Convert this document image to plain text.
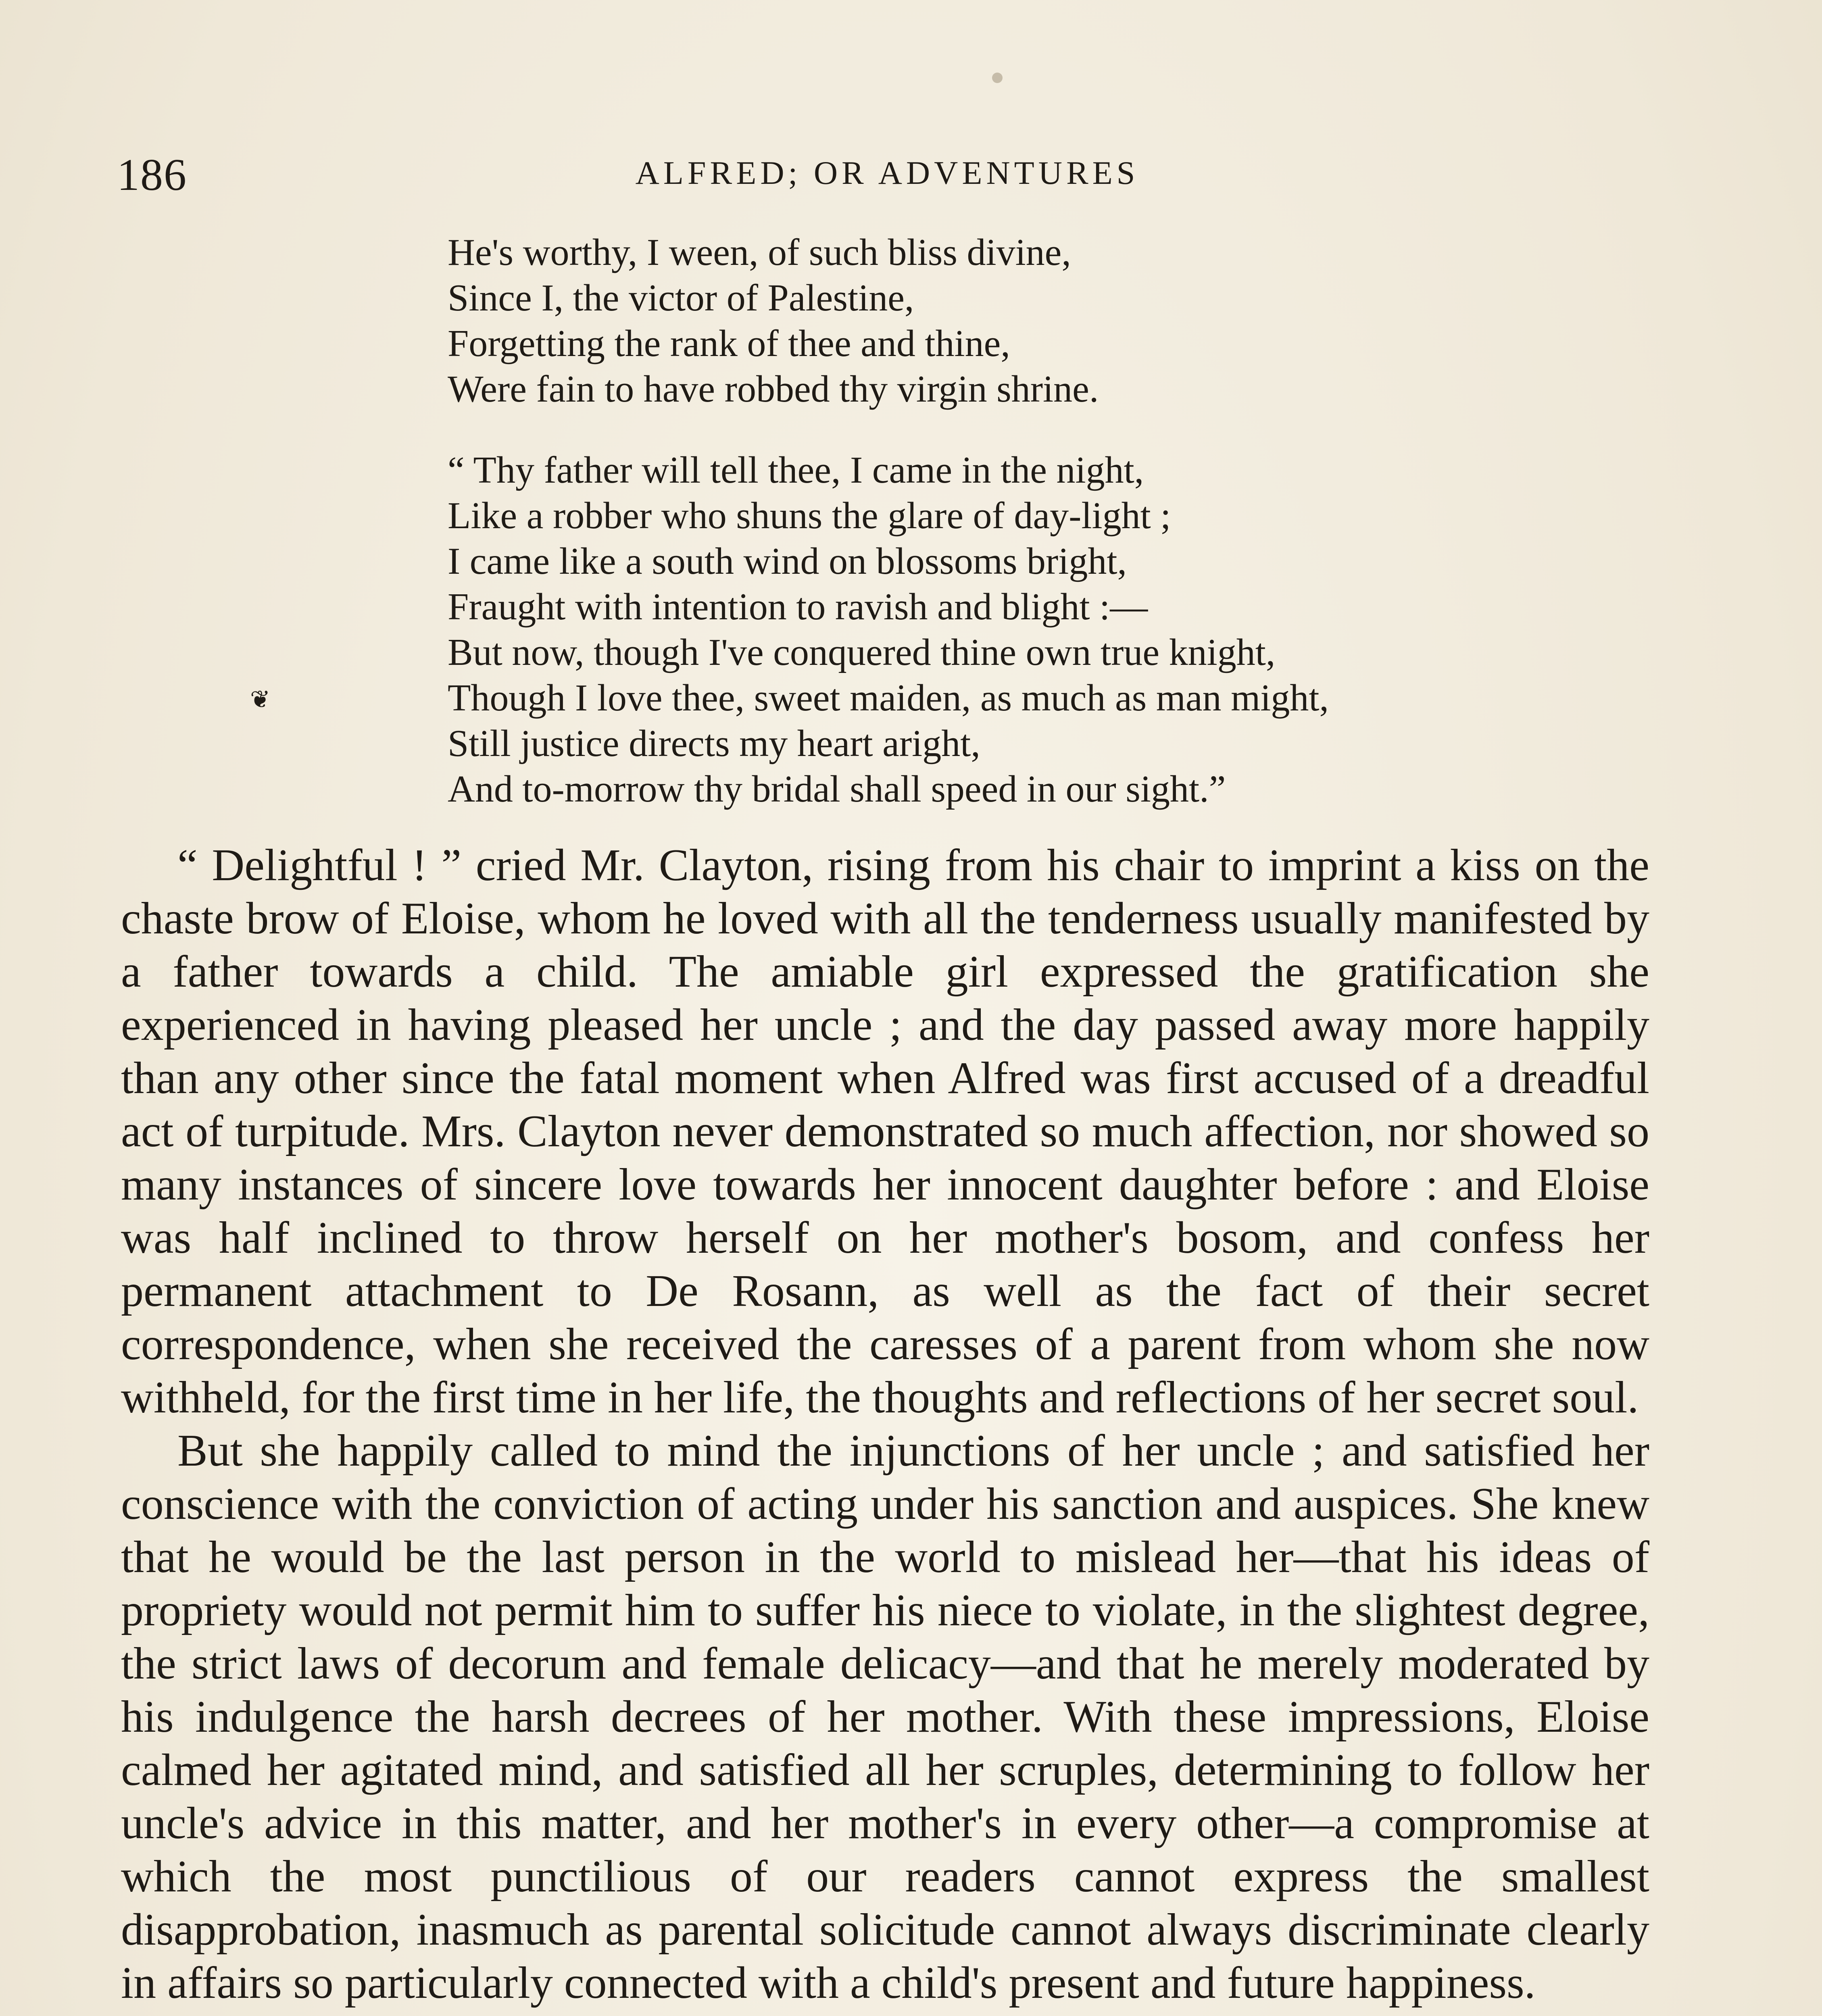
186	ALFRED; OR ADVENTURES
He's worthy, I ween, of such bliss divine,
Since I, the victor of Palestine,
Forgetting the rank of thee and thine,
Were fain to have robbed thy virgin shrine.
“ Thy father will tell thee, I came in the night,
Like a robber who shuns the glare of day-light ;
I came like a south wind on blossoms bright,
Fraught with intention to ravish and blight :—
But now, though I've conquered thine own true knight,
Though I love thee, sweet maiden, as much as man might,
Still justice directs my heart aright,
And to-morrow thy bridal shall speed in our sight.”
❦

“ Delightful ! ” cried Mr. Clayton, rising from his chair to imprint a kiss on the chaste brow of Eloise, whom he loved with all the tenderness usually manifested by a father towards a child. The amiable girl expressed the gratification she experienced in having pleased her uncle ; and the day passed away more happily than any other since the fatal moment when Alfred was first accused of a dreadful act of turpitude. Mrs. Clayton never demonstrated so much affection, nor showed so many instances of sincere love towards her innocent daughter before : and Eloise was half inclined to throw herself on her mother's bosom, and confess her permanent attachment to De Rosann, as well as the fact of their secret correspondence, when she received the caresses of a parent from whom she now withheld, for the first time in her life, the thoughts and reflections of her secret soul.

But she happily called to mind the injunctions of her uncle ; and satisfied her conscience with the conviction of acting under his sanction and auspices. She knew that he would be the last person in the world to mislead her—that his ideas of propriety would not permit him to suffer his niece to violate, in the slightest degree, the strict laws of decorum and female delicacy—and that he merely moderated by his indulgence the harsh decrees of her mother. With these impressions, Eloise calmed her agitated mind, and satisfied all her scruples, determining to follow her uncle's advice in this matter, and her mother's in every other—a compromise at which the most punctilious of our readers cannot express the smallest disapprobation, inasmuch as parental solicitude cannot always discriminate clearly in affairs so particularly connected with a child's present and future happiness.
